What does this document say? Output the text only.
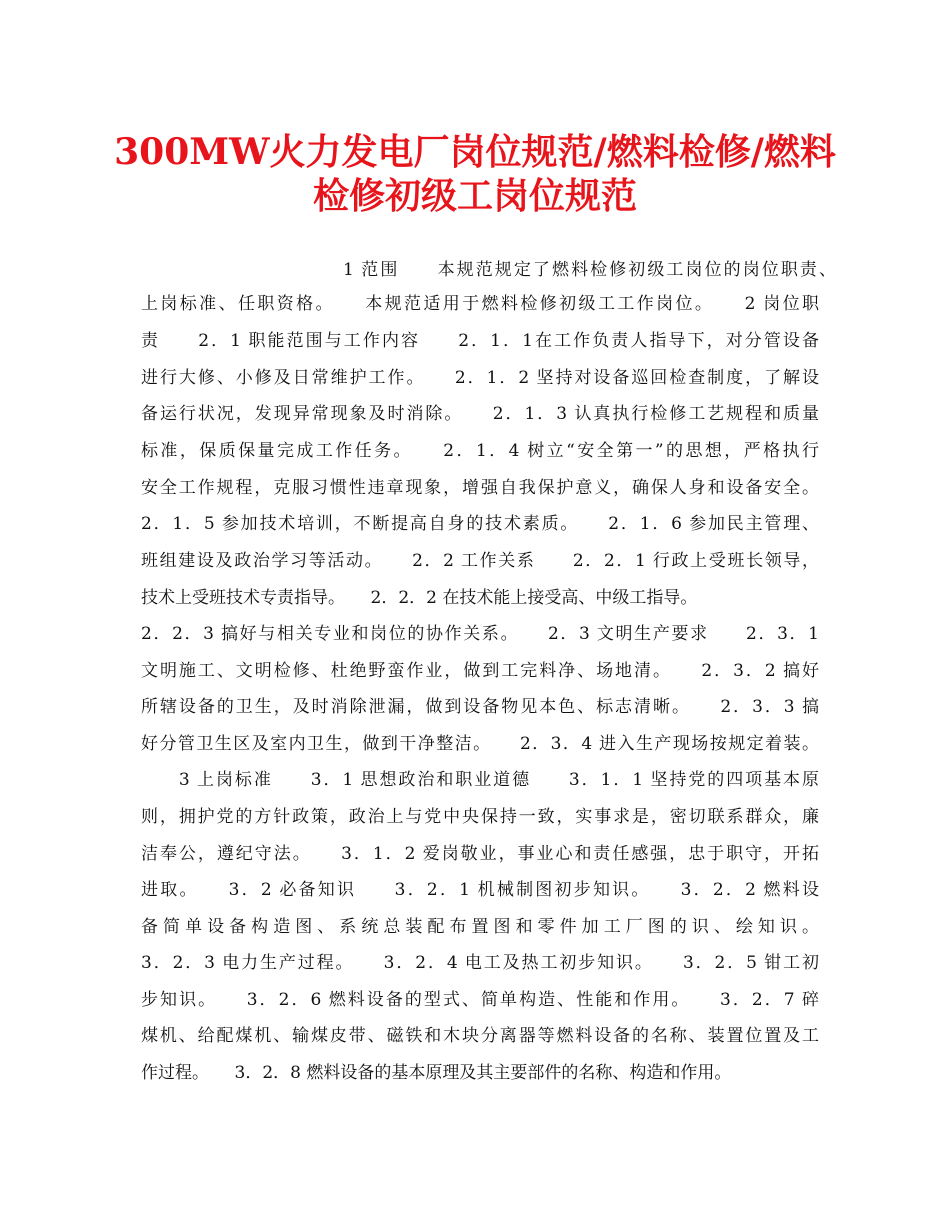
300MW火力发电厂岗位规范/燃料检修/燃料
检修初级工岗位规范
1 范围　　本规范规定了燃料检修初级工岗位的岗位职责、
上岗标准、任职资格。　　本规范适用于燃料检修初级工工作岗位。　　2 岗位职
责　　2．1 职能范围与工作内容　　2．1．1在工作负责人指导下，对分管设备
进行大修、小修及日常维护工作。　　2．1．2 坚持对设备巡回检查制度，了解设
备运行状况，发现异常现象及时消除。　　2．1．3 认真执行检修工艺规程和质量
标准，保质保量完成工作任务。　　2．1．4 树立“安全第一”的思想，严格执行
安全工作规程，克服习惯性违章现象，增强自我保护意义，确保人身和设备安全。
2．1．5 参加技术培训，不断提高自身的技术素质。　　2．1．6 参加民主管理、
班组建设及政治学习等活动。　　2．2 工作关系　　2．2．1 行政上受班长领导，
技术上受班技术专责指导。　　2．2．2 在技术能上接受高、中级工指导。
2．2．3 搞好与相关专业和岗位的协作关系。　　2．3 文明生产要求　　2．3．1
文明施工、文明检修、杜绝野蛮作业，做到工完料净、场地清。　　2．3．2 搞好
所辖设备的卫生，及时消除泄漏，做到设备物见本色、标志清晰。　　2．3．3 搞
好分管卫生区及室内卫生，做到干净整洁。　　2．3．4 进入生产现场按规定着装。
　　3 上岗标准　　3．1 思想政治和职业道德　　3．1．1 坚持党的四项基本原
则，拥护党的方针政策，政治上与党中央保持一致，实事求是，密切联系群众，廉
洁奉公，遵纪守法。　　3．1．2 爱岗敬业，事业心和责任感强，忠于职守，开拓
进取。　　3．2 必备知识　　3．2．1 机械制图初步知识。　　3．2．2 燃料设
备简单设备构造图、系统总装配布置图和零件加工厂图的识、绘知识。
3．2．3 电力生产过程。　　3．2．4 电工及热工初步知识。　　3．2．5 钳工初
步知识。　　3．2．6 燃料设备的型式、简单构造、性能和作用。　　3．2．7 碎
煤机、给配煤机、输煤皮带、磁铁和木块分离器等燃料设备的名称、装置位置及工
作过程。　　3．2．8 燃料设备的基本原理及其主要部件的名称、构造和作用。
